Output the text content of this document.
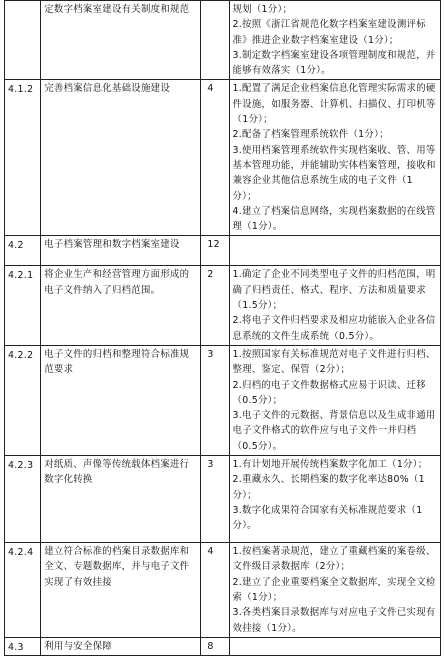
	定数字档案室建设有关制度和规范		规划（1分）；
2.按照《浙江省规范化数字档案室建设测评标准》推进企业数字档案室建设（1分）；
3.制定数字档案室建设各项管理制度和规范，并能够有效落实（1分）。

4.1.2	完善档案信息化基础设施建设	4	1.配置了满足企业档案信息化管理实际需求的硬件设施，如服务器、计算机、扫描仪、打印机等（1分）；
2.配备了档案管理系统软件（1分）；
3.使用档案管理系统软件实现档案收、管、用等基本管理功能，并能辅助实体档案管理，接收和兼容企业其他信息系统生成的电子文件（1分）；
4.建立了档案信息网络，实现档案数据的在线管理（1分）。

4.2	电子档案管理和数字档案室建设	12	
4.2.1	将企业生产和经营管理方面形成的电子文件纳入了归档范围。	2	1.确定了企业不同类型电子文件的归档范围，明确了归档责任、格式、程序、方法和质量要求（1.5分）；
2.将电子文件归档要求及相应功能嵌入企业各信息系统的文件生成系统（0.5分）。

4.2.2	电子文件的归档和整理符合标准规范要求	3	1.按照国家有关标准规范对电子文件进行归档、整理、鉴定、保管（2分）；
2.归档的电子文件数据格式应易于识读、迁移（0.5分）；
3.电子文件的元数据、背景信息以及生成非通用电子文件格式的软件应与电子文件一并归档（0.5分）。

4.2.3	对纸质、声像等传统载体档案进行数字化转换	3	1.有计划地开展传统档案数字化加工（1分）；
2.重藏永久、长期档案的数字化率达80%（1分）；
3.数字化成果符合国家有关标准规范要求（1分）。

4.2.4	建立符合标准的档案目录数据库和全文、专题数据库，并与电子文件实现了有效挂接	4	1.按档案著录规范，建立了重藏档案的案卷级、文件级目录数据库（2分）；
2.建立了企业重要档案全文数据库，实现全文检索（1分）；
3.各类档案目录数据库与对应电子文件已实现有效挂接（1分）。

4.3	利用与安全保障	8	
